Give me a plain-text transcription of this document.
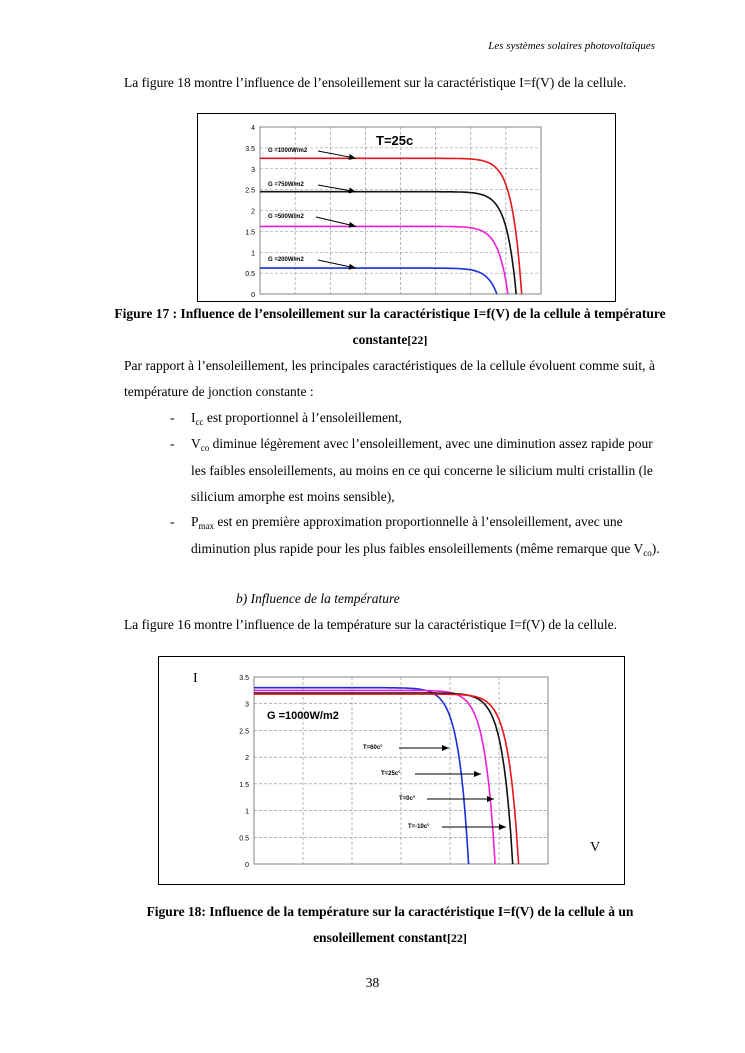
Les systèmes solaires photovoltaïques

La figure 18 montre l’influence de l’ensoleillement sur la caractéristique I=f(V) de la cellule.

0
0.5
1
1.5
2
2.5
3
3.5
4
G =1000W/m2
G =750W/m2
G =500W/m2
G =200W/m2
T=25c

Figure 17 : Influence de l’ensoleillement sur la caractéristique I=f(V) de la cellule à température constante[22]

Par rapport à l’ensoleillement, les principales caractéristiques de la cellule évoluent comme suit, à température de jonction constante :

- $I_{cc}$ est proportionnel à l’ensoleillement,
- $V_{co}$ diminue légèrement avec l’ensoleillement, avec une diminution assez rapide pour les faibles ensoleillements, au moins en ce qui concerne le silicium multi cristallin (le silicium amorphe est moins sensible),
- $P_{max}$ est en première approximation proportionnelle à l’ensoleillement, avec une diminution plus rapide pour les plus faibles ensoleillements (même remarque que $V_{co}$).
b) Influence de la température

La figure 16 montre l’influence de la température sur la caractéristique I=f(V) de la cellule.

0
0.5
1
1.5
2
2.5
3
3.5
T=60c°
T=25c°
T=0c°
T=-10c°
G =1000W/m2
I
V

Figure 18: Influence de la température sur la caractéristique I=f(V) de la cellule à un ensoleillement constant[22]

38
